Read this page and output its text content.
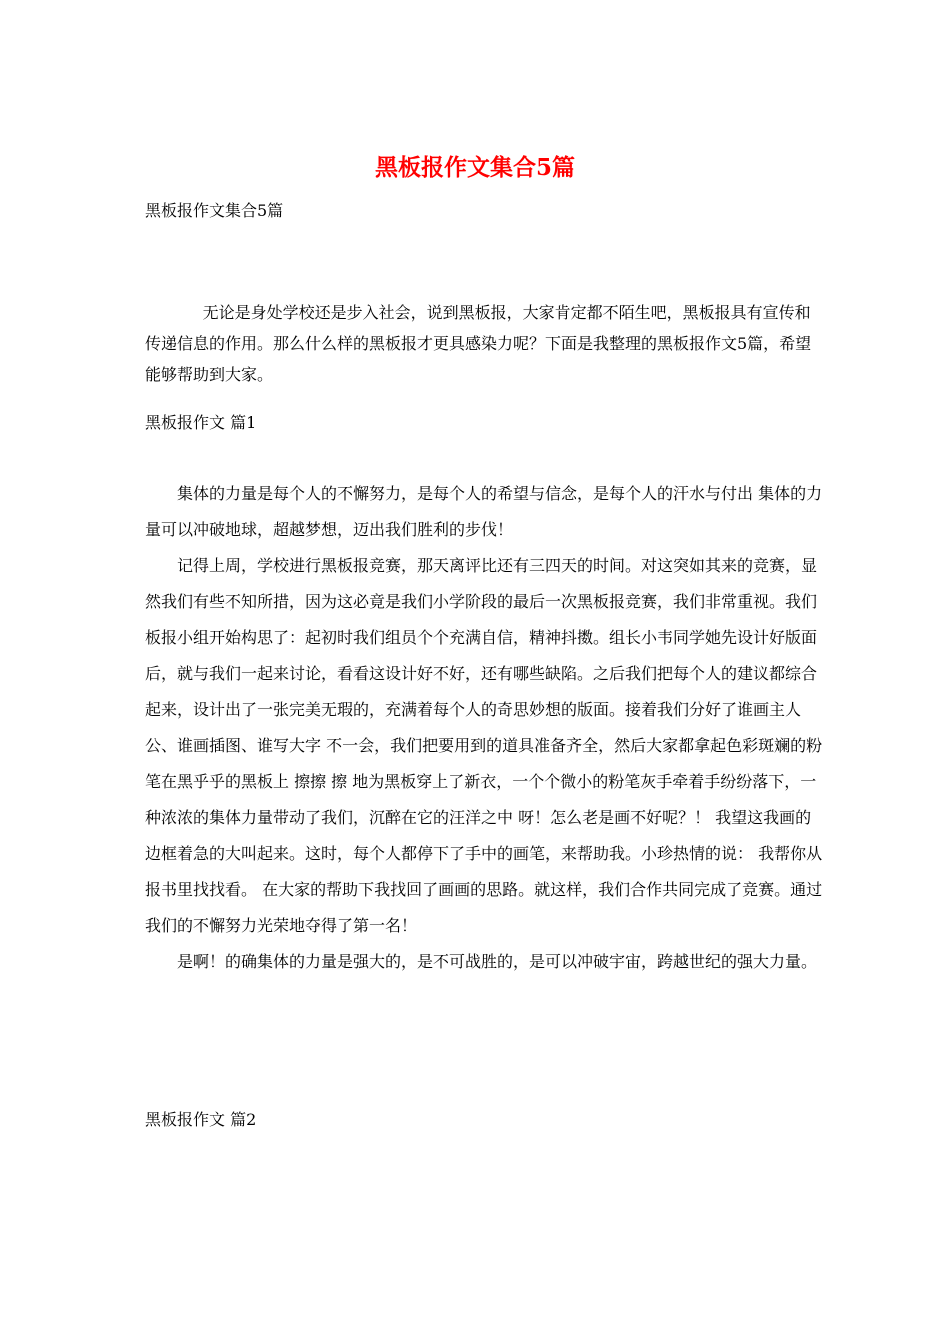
黑板报作文集合5篇
黑板报作文集合5篇

无论是身处学校还是步入社会，说到黑板报，大家肯定都不陌生吧，黑板报具有宣传和传递信息的作用。那么什么样的黑板报才更具感染力呢？下面是我整理的黑板报作文5篇，希望能够帮助到大家。

黑板报作文 篇1

集体的力量是每个人的不懈努力，是每个人的希望与信念，是每个人的汗水与付出 集体的力量可以冲破地球，超越梦想，迈出我们胜利的步伐！

记得上周，学校进行黑板报竞赛，那天离评比还有三四天的时间。对这突如其来的竞赛，显然我们有些不知所措，因为这必竟是我们小学阶段的最后一次黑板报竞赛，我们非常重视。我们板报小组开始构思了：起初时我们组员个个充满自信，精神抖擞。组长小韦同学她先设计好版面后，就与我们一起来讨论，看看这设计好不好，还有哪些缺陷。之后我们把每个人的建议都综合起来，设计出了一张完美无瑕的，充满着每个人的奇思妙想的版面。接着我们分好了谁画主人公、谁画插图、谁写大字 不一会，我们把要用到的道具准备齐全，然后大家都拿起色彩斑斓的粉笔在黑乎乎的黑板上 擦擦 擦 地为黑板穿上了新衣，一个个微小的粉笔灰手牵着手纷纷落下，一种浓浓的集体力量带动了我们，沉醉在它的汪洋之中 呀！怎么老是画不好呢？！ 我望这我画的边框着急的大叫起来。这时，每个人都停下了手中的画笔，来帮助我。小珍热情的说： 我帮你从报书里找找看。 在大家的帮助下我找回了画画的思路。就这样，我们合作共同完成了竞赛。通过我们的不懈努力光荣地夺得了第一名！

是啊！的确集体的力量是强大的，是不可战胜的，是可以冲破宇宙，跨越世纪的强大力量。

黑板报作文 篇2
